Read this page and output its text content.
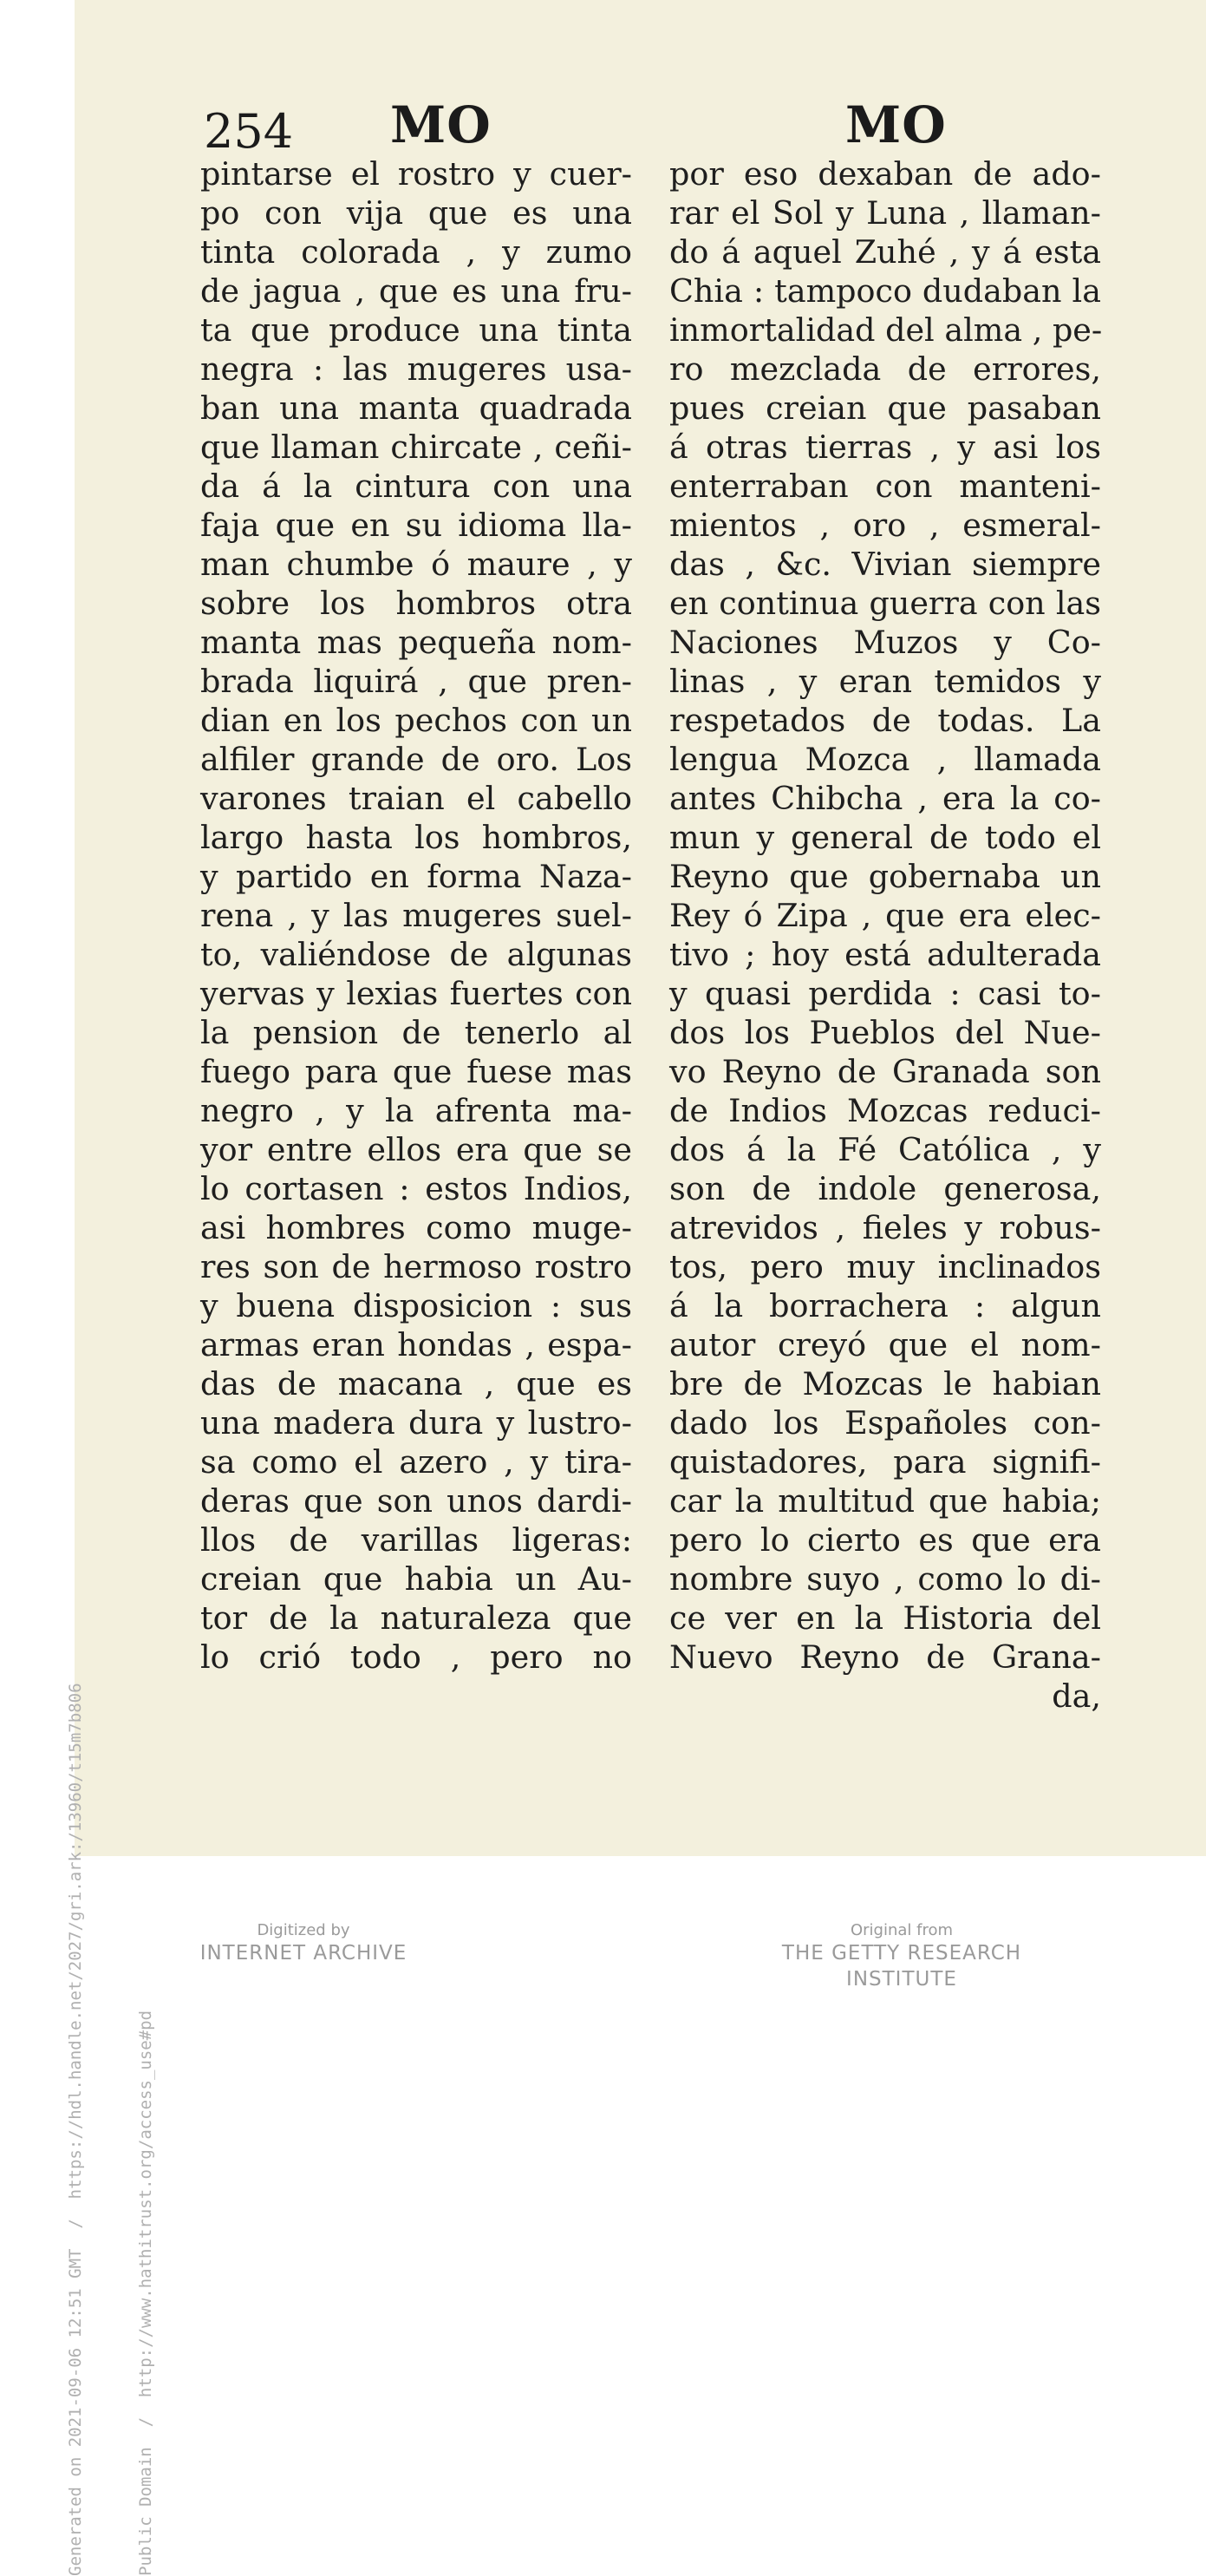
Generated on 2021-09-06 12:51 GMT  /  https://hdl.handle.net/2027/gri.ark:/13960/t15m7b806

	Public Domain  /  http://www.hathitrust.org/access_use#pd

254 MO	MO
pintarse el rostro y cuer-
po con vija que es una
tinta colorada , y zumo
de jagua , que es una fru-
ta que produce una tinta
negra : las mugeres usa-
ban una manta quadrada
que llaman chircate , ceñi-
da á la cintura con una
faja que en su idioma lla-
man chumbe ó maure , y
sobre los hombros otra
manta mas pequeña nom-
brada liquirá , que pren-
dian en los pechos con un
alfiler grande de oro. Los
varones traian el cabello
largo hasta los hombros,
y partido en forma Naza-
rena , y las mugeres suel-
to, valiéndose de algunas
yervas y lexias fuertes con
la pension de tenerlo al
fuego para que fuese mas
negro , y la afrenta ma-
yor entre ellos era que se
lo cortasen : estos Indios,
asi hombres como muge-
res son de hermoso rostro
y buena disposicion : sus
armas eran hondas , espa-
das de macana , que es
una madera dura y lustro-
sa como el azero , y tira-
deras que son unos dardi-
llos de varillas ligeras:
creian que habia un Au-
tor de la naturaleza que
lo crió todo , pero no
por eso dexaban de ado-
rar el Sol y Luna , llaman-
do á aquel Zuhé , y á esta
Chia : tampoco dudaban la
inmortalidad del alma , pe-
ro mezclada de errores,
pues creian que pasaban
á otras tierras , y asi los
enterraban con manteni-
mientos , oro , esmeral-
das , &c. Vivian siempre
en continua guerra con las
Naciones Muzos y Co-
linas , y eran temidos y
respetados de todas. La
lengua Mozca , llamada
antes Chibcha , era la co-
mun y general de todo el
Reyno que gobernaba un
Rey ó Zipa , que era elec-
tivo ; hoy está adulterada
y quasi perdida : casi to-
dos los Pueblos del Nue-
vo Reyno de Granada son
de Indios Mozcas reduci-
dos á la Fé Católica , y
son de indole generosa,
atrevidos , fieles y robus-
tos, pero muy inclinados
á la borrachera : algun
autor creyó que el nom-
bre de Mozcas le habian
dado los Españoles con-
quistadores, para signifi-
car la multitud que habia;
pero lo cierto es que era
nombre suyo , como lo di-
ce ver en la Historia del
Nuevo Reyno de Grana-
da,
Digitized by
INTERNET ARCHIVE
Original from
THE GETTY RESEARCH INSTITUTE
